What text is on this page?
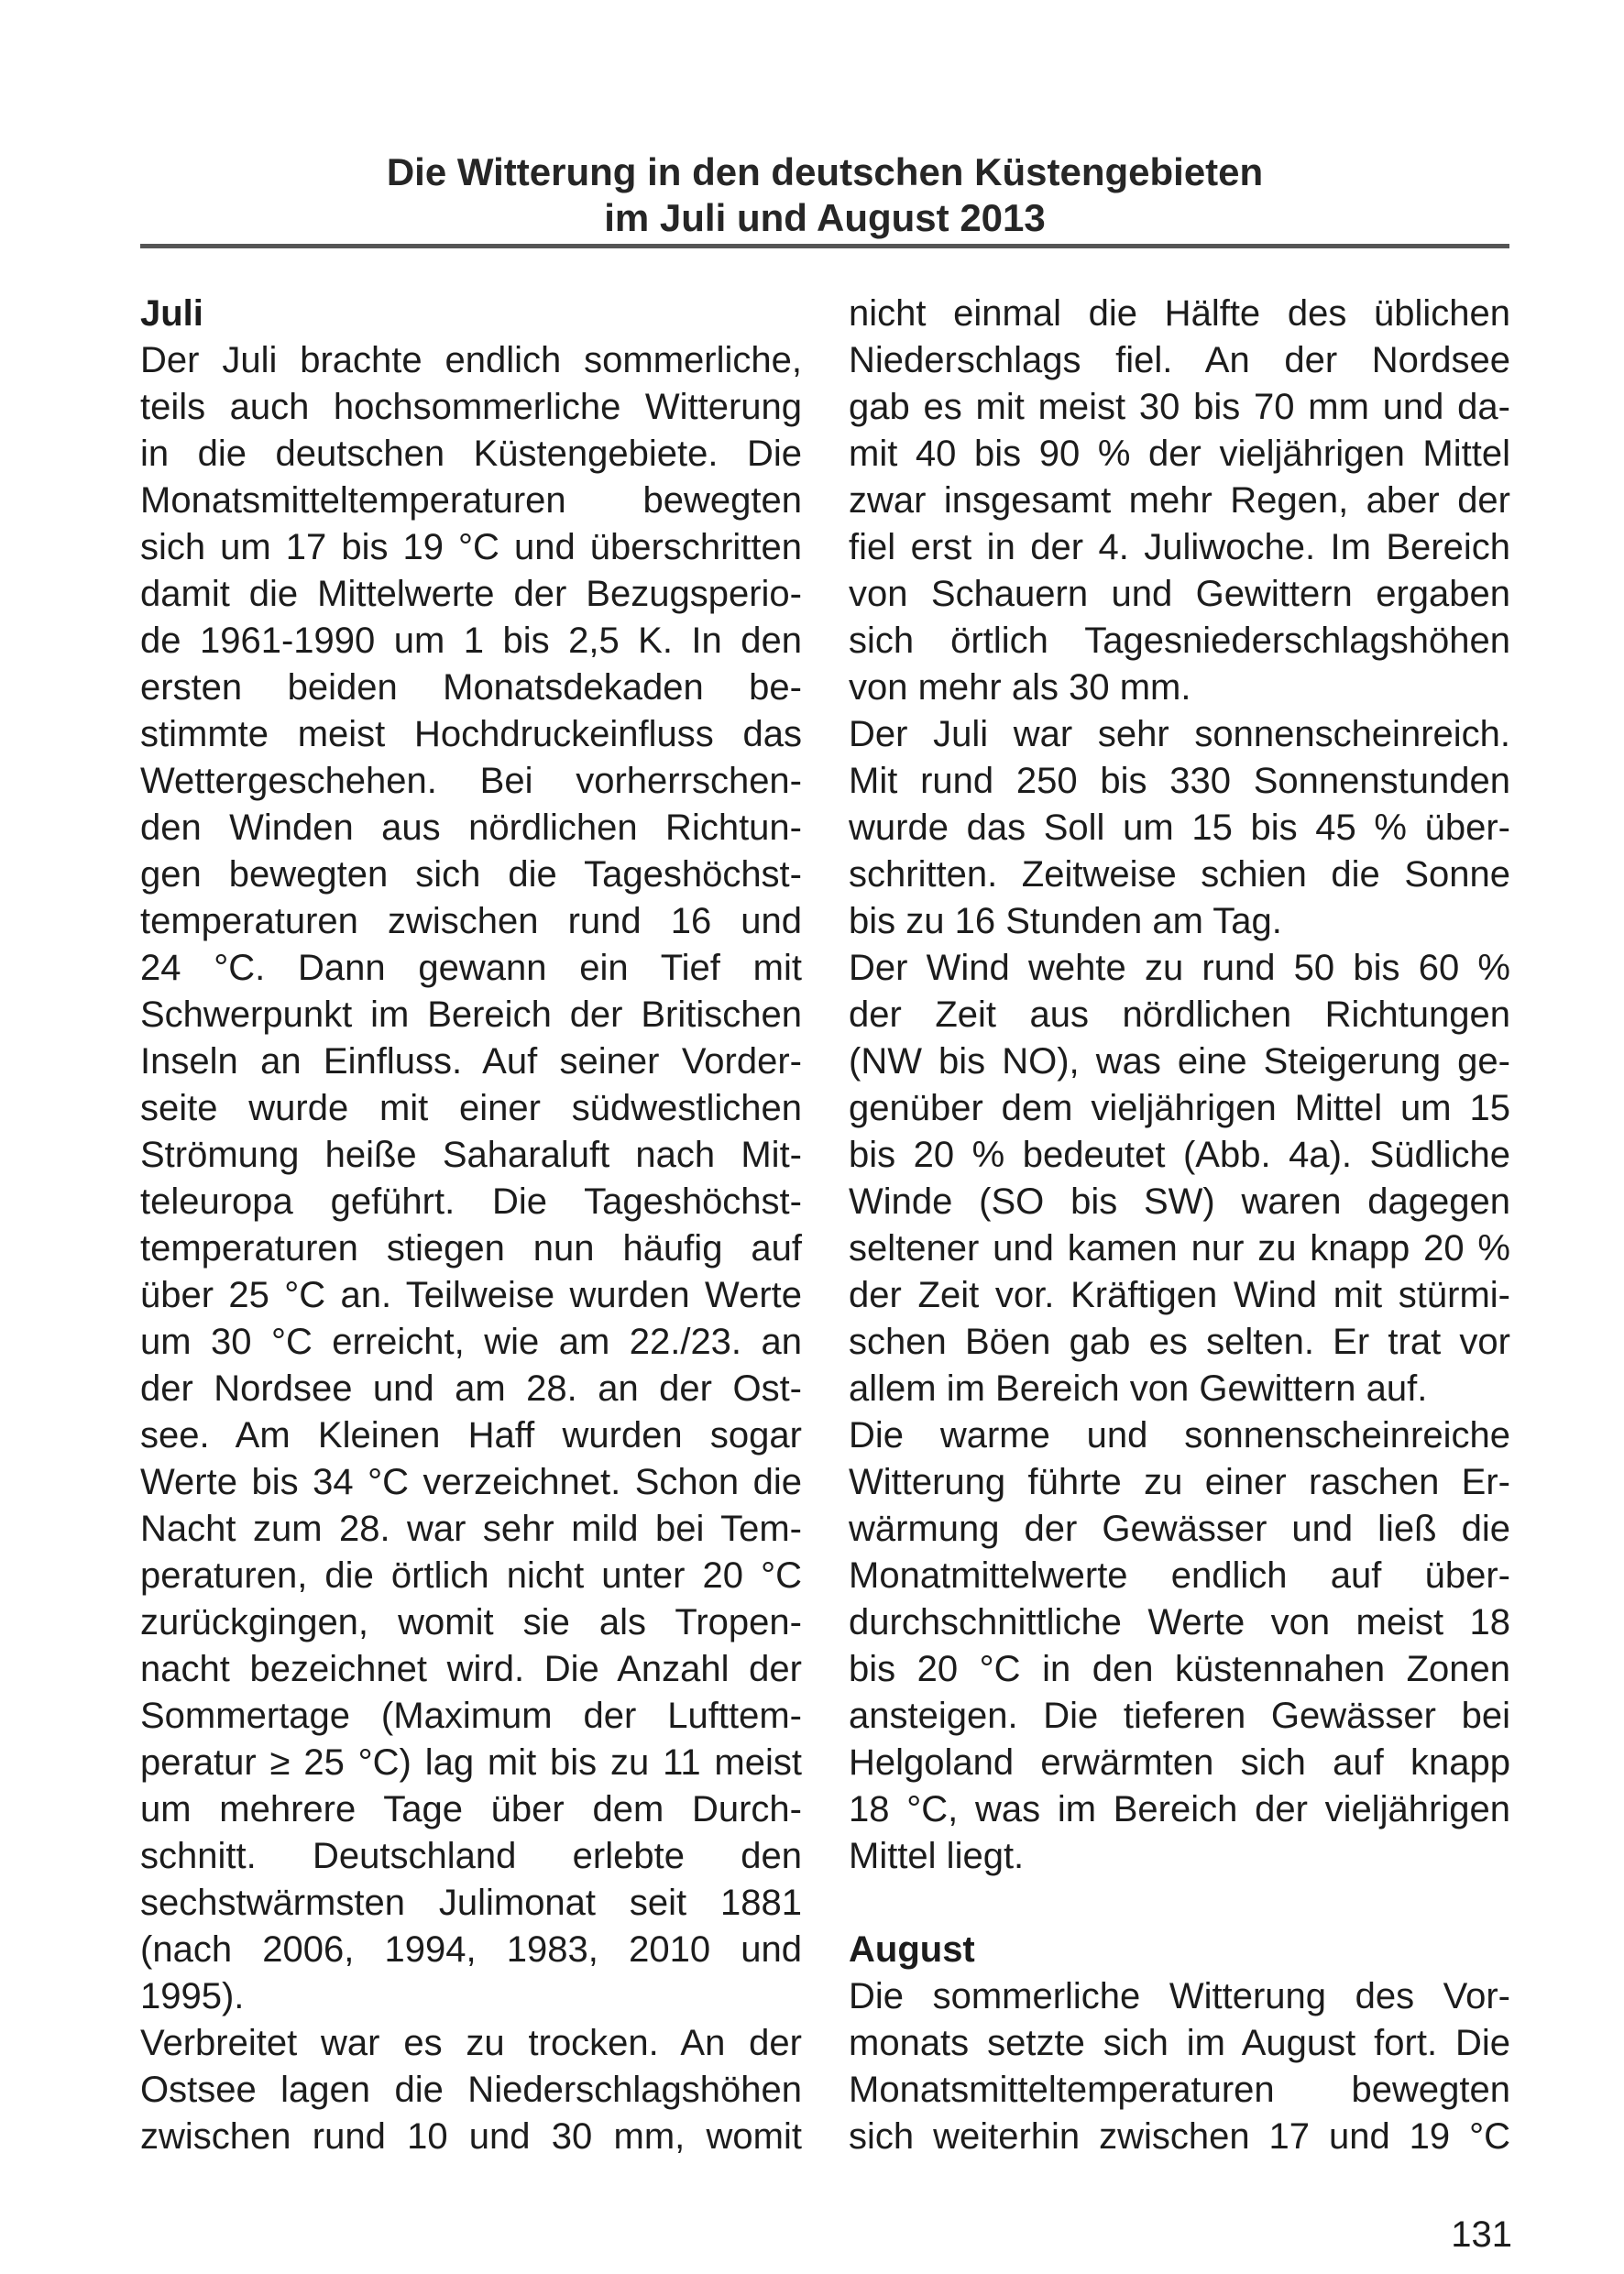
Die Witterung in den deutschen Küstengebieten
im Juli und August 2013
Juli
Der Juli brachte endlich sommerliche,
teils auch hochsommerliche Witterung
in die deutschen Küstengebiete. Die
Monatsmitteltemperaturen bewegten
sich um 17 bis 19 °C und überschritten
damit die Mittelwerte der Bezugsperio-
de 1961-1990 um 1 bis 2,5 K. In den
ersten beiden Monatsdekaden be-
stimmte meist Hochdruckeinfluss das
Wettergeschehen. Bei vorherrschen-
den Winden aus nördlichen Richtun-
gen bewegten sich die Tageshöchst-
temperaturen zwischen rund 16 und
24 °C. Dann gewann ein Tief mit
Schwerpunkt im Bereich der Britischen
Inseln an Einfluss. Auf seiner Vorder-
seite wurde mit einer südwestlichen
Strömung heiße Saharaluft nach Mit-
teleuropa geführt. Die Tageshöchst-
temperaturen stiegen nun häufig auf
über 25 °C an. Teilweise wurden Werte
um 30 °C erreicht, wie am 22./23. an
der Nordsee und am 28. an der Ost-
see. Am Kleinen Haff wurden sogar
Werte bis 34 °C verzeichnet. Schon die
Nacht zum 28. war sehr mild bei Tem-
peraturen, die örtlich nicht unter 20 °C
zurückgingen, womit sie als Tropen-
nacht bezeichnet wird. Die Anzahl der
Sommertage (Maximum der Lufttem-
peratur ≥ 25 °C) lag mit bis zu 11 meist
um mehrere Tage über dem Durch-
schnitt. Deutschland erlebte den
sechstwärmsten Julimonat seit 1881
(nach 2006, 1994, 1983, 2010 und
1995).
Verbreitet war es zu trocken. An der
Ostsee lagen die Niederschlagshöhen
zwischen rund 10 und 30 mm, womit
nicht einmal die Hälfte des üblichen
Niederschlags fiel. An der Nordsee
gab es mit meist 30 bis 70 mm und da-
mit 40 bis 90 % der vieljährigen Mittel
zwar insgesamt mehr Regen, aber der
fiel erst in der 4. Juliwoche. Im Bereich
von Schauern und Gewittern ergaben
sich örtlich Tagesniederschlagshöhen
von mehr als 30 mm.
Der Juli war sehr sonnenscheinreich.
Mit rund 250 bis 330 Sonnenstunden
wurde das Soll um 15 bis 45 % über-
schritten. Zeitweise schien die Sonne
bis zu 16 Stunden am Tag.
Der Wind wehte zu rund 50 bis 60 %
der Zeit aus nördlichen Richtungen
(NW bis NO), was eine Steigerung ge-
genüber dem vieljährigen Mittel um 15
bis 20 % bedeutet (Abb. 4a). Südliche
Winde (SO bis SW) waren dagegen
seltener und kamen nur zu knapp 20 %
der Zeit vor. Kräftigen Wind mit stürmi-
schen Böen gab es selten. Er trat vor
allem im Bereich von Gewittern auf.
Die warme und sonnenscheinreiche
Witterung führte zu einer raschen Er-
wärmung der Gewässer und ließ die
Monatmittelwerte endlich auf über-
durchschnittliche Werte von meist 18
bis 20 °C in den küstennahen Zonen
ansteigen. Die tieferen Gewässer bei
Helgoland erwärmten sich auf knapp
18 °C, was im Bereich der vieljährigen
Mittel liegt.
August
Die sommerliche Witterung des Vor-
monats setzte sich im August fort. Die
Monatsmitteltemperaturen bewegten
sich weiterhin zwischen 17 und 19 °C
131
